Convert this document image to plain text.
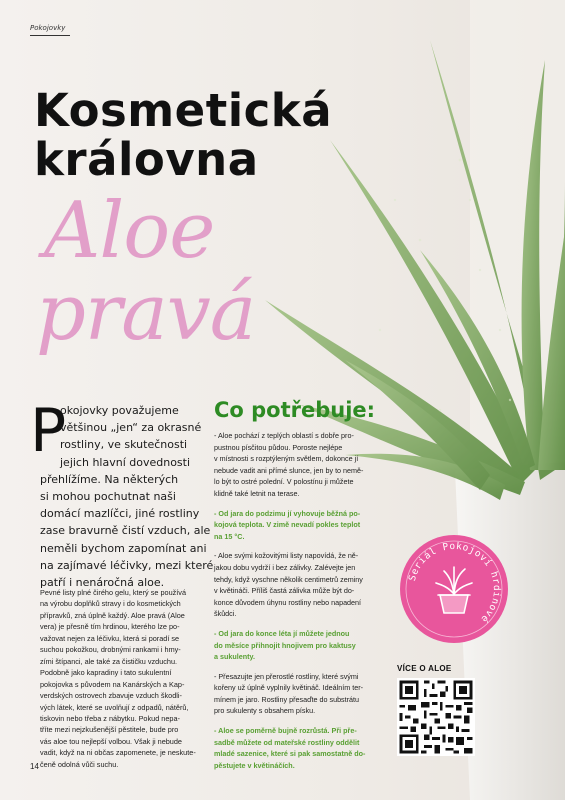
Pokojovky
Kosmetická
královna
Aloe
pravá
P
okojovky považujeme
většinou „jen“ za okrasné
rostliny, ve skutečnosti
jejich hlavní dovednosti
přehlížíme. Na některých
si mohou pochutnat naši
domácí mazlíčci, jiné rostliny
zase bravurně čistí vzduch, ale
neměli bychom zapomínat ani
na zajímavé léčivky, mezi které
patří i nenáročná aloe.
Pevné listy plné čirého gelu, který se používá
na výrobu doplňků stravy i do kosmetických
přípravků, zná úplně každý. Aloe pravá (Aloe
vera) je přesně tím hrdinou, kterého lze po-
važovat nejen za léčivku, která si poradí se
suchou pokožkou, drobnými rankami i hmy-
zími štípanci, ale také za čističku vzduchu.
Podobně jako kapradiny i tato sukulentní
pokojovka s původem na Kanárských a Kap-
verdských ostrovech zbavuje vzduch škodli-
vých látek, které se uvolňují z odpadů, nátěrů,
tiskovin nebo třeba z nábytku. Pokud nepa-
tříte mezi nejzkušenější pěstitele, bude pro
vás aloe tou nejlepší volbou. Však ji nebude
vadit, když na ni občas zapomenete, je neskute-
čeně odolná vůči suchu.
Co potřebuje:
- Aloe pochází z teplých oblastí s dobře pro-
pustnou písčitou půdou. Poroste nejlépe
v místnosti s rozptýleným světlem, dokonce jí
nebude vadit ani přímé slunce, jen by to nemě-
lo být to ostré polední. V polostínu ji můžete
klidně také letnit na terase.
- Od jara do podzimu jí vyhovuje běžná po-
kojová teplota. V zimě nevadí pokles teplot
na 15 °C.
- Aloe svými kožovitými listy napovídá, že ně-
jakou dobu vydrží i bez zálivky. Zalévejte jen
tehdy, když vyschne několik centimetrů zeminy
v květináči. Příliš častá zálivka může být do-
konce důvodem úhynu rostliny nebo napadení
škůdci.
- Od jara do konce léta jí můžete jednou
do měsíce přihnojit hnojivem pro kaktusy
a sukulenty.
- Přesazujte jen přerostlé rostliny, které svými
kořeny už úplně vyplnily květináč. Ideálním ter-
mínem je jaro. Rostliny přesaďte do substrátu
pro sukulenty s obsahem písku.
- Aloe se poměrně bujně rozrůstá. Při pře-
sadbě můžete od mateřské rostliny oddělit
mladé sazenice, které si pak samostatně do-
pěstujete v květináčích.
Seriál Pokojoví hrdinové
VÍCE O ALOE
14
